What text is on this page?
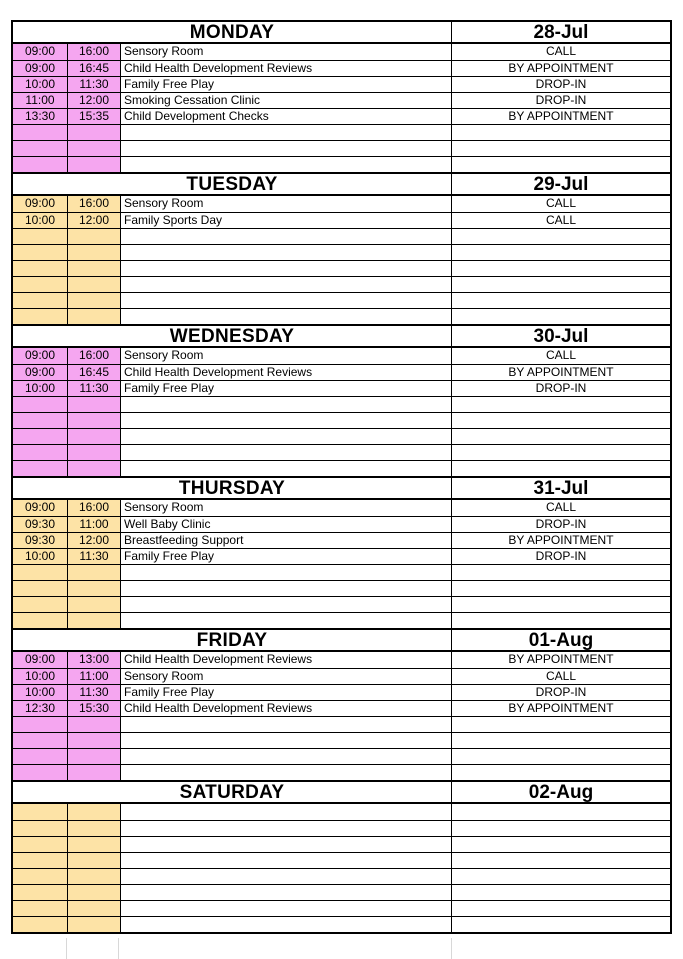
MONDAY	28-Jul
09:00	16:00	Sensory Room	CALL
09:00	16:45	Child Health Development Reviews	BY APPOINTMENT
10:00	11:30	Family Free Play	DROP-IN
11:00	12:00	Smoking Cessation Clinic	DROP-IN
13:30	15:35	Child Development Checks	BY APPOINTMENT
TUESDAY	29-Jul
09:00	16:00	Sensory Room	CALL
10:00	12:00	Family Sports Day	CALL
WEDNESDAY	30-Jul
09:00	16:00	Sensory Room	CALL
09:00	16:45	Child Health Development Reviews	BY APPOINTMENT
10:00	11:30	Family Free Play	DROP-IN
THURSDAY	31-Jul
09:00	16:00	Sensory Room	CALL
09:30	11:00	Well Baby Clinic	DROP-IN
09:30	12:00	Breastfeeding Support	BY APPOINTMENT
10:00	11:30	Family Free Play	DROP-IN
FRIDAY	01-Aug
09:00	13:00	Child Health Development Reviews	BY APPOINTMENT
10:00	11:00	Sensory Room	CALL
10:00	11:30	Family Free Play	DROP-IN
12:30	15:30	Child Health Development Reviews	BY APPOINTMENT
SATURDAY	02-Aug
